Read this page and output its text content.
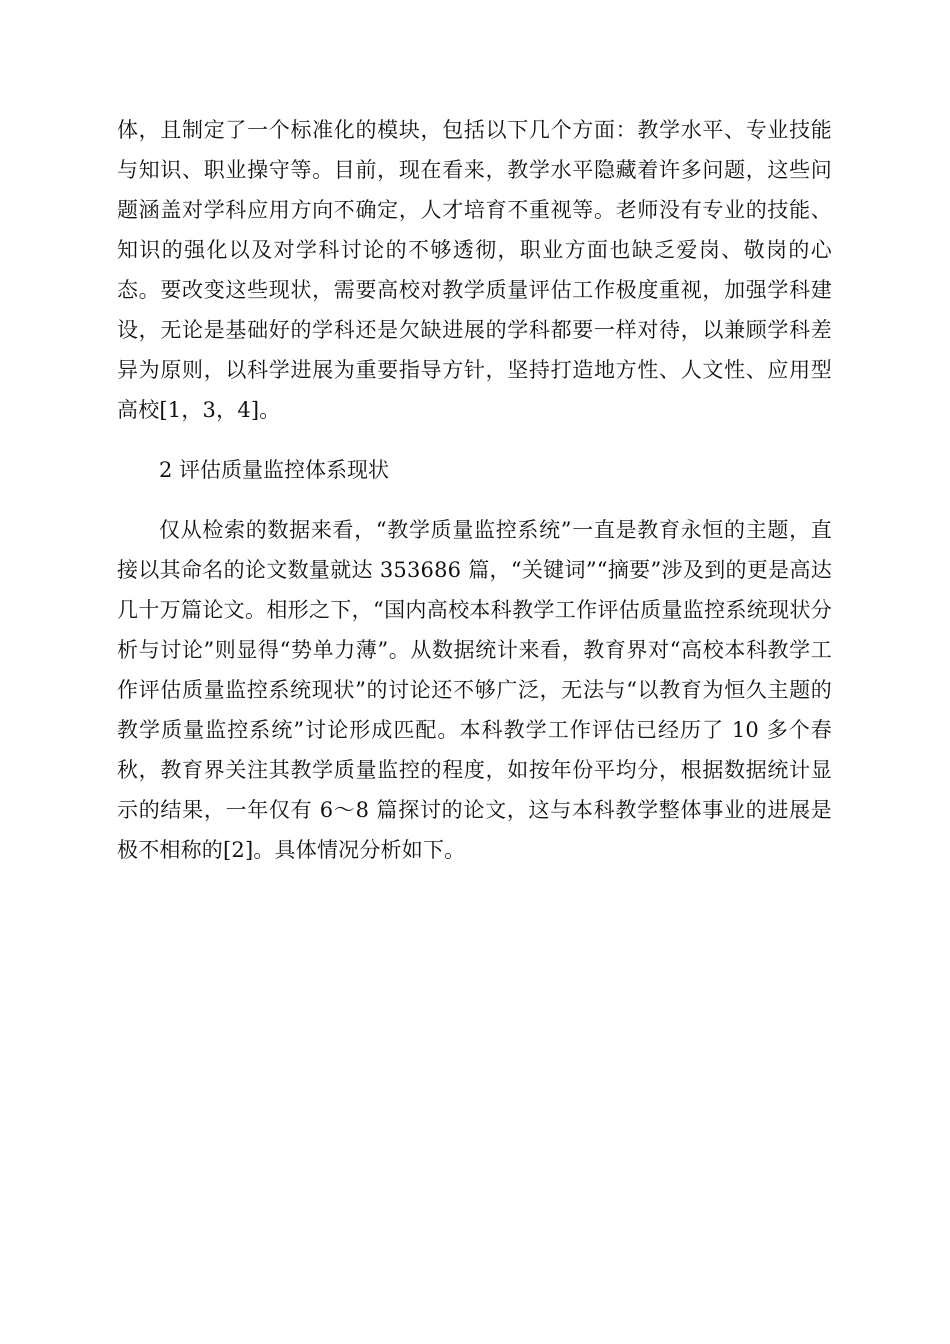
体，且制定了一个标准化的模块，包括以下几个方面：教学水平、专业技能与知识、职业操守等。目前，现在看来，教学水平隐藏着许多问题，这些问题涵盖对学科应用方向不确定，人才培育不重视等。老师没有专业的技能、知识的强化以及对学科讨论的不够透彻，职业方面也缺乏爱岗、敬岗的心态。要改变这些现状，需要高校对教学质量评估工作极度重视，加强学科建设，无论是基础好的学科还是欠缺进展的学科都要一样对待，以兼顾学科差异为原则，以科学进展为重要指导方针，坚持打造地方性、人文性、应用型高校[1，3，4]。

2 评估质量监控体系现状

仅从检索的数据来看，“教学质量监控系统”一直是教育永恒的主题，直接以其命名的论文数量就达 353686 篇，“关键词”“摘要”涉及到的更是高达几十万篇论文。相形之下，“国内高校本科教学工作评估质量监控系统现状分析与讨论”则显得“势单力薄”。从数据统计来看，教育界对“高校本科教学工作评估质量监控系统现状”的讨论还不够广泛，无法与“以教育为恒久主题的教学质量监控系统”讨论形成匹配。本科教学工作评估已经历了 10 多个春秋，教育界关注其教学质量监控的程度，如按年份平均分，根据数据统计显示的结果，一年仅有 6～8 篇探讨的论文，这与本科教学整体事业的进展是极不相称的[2]。具体情况分析如下。
